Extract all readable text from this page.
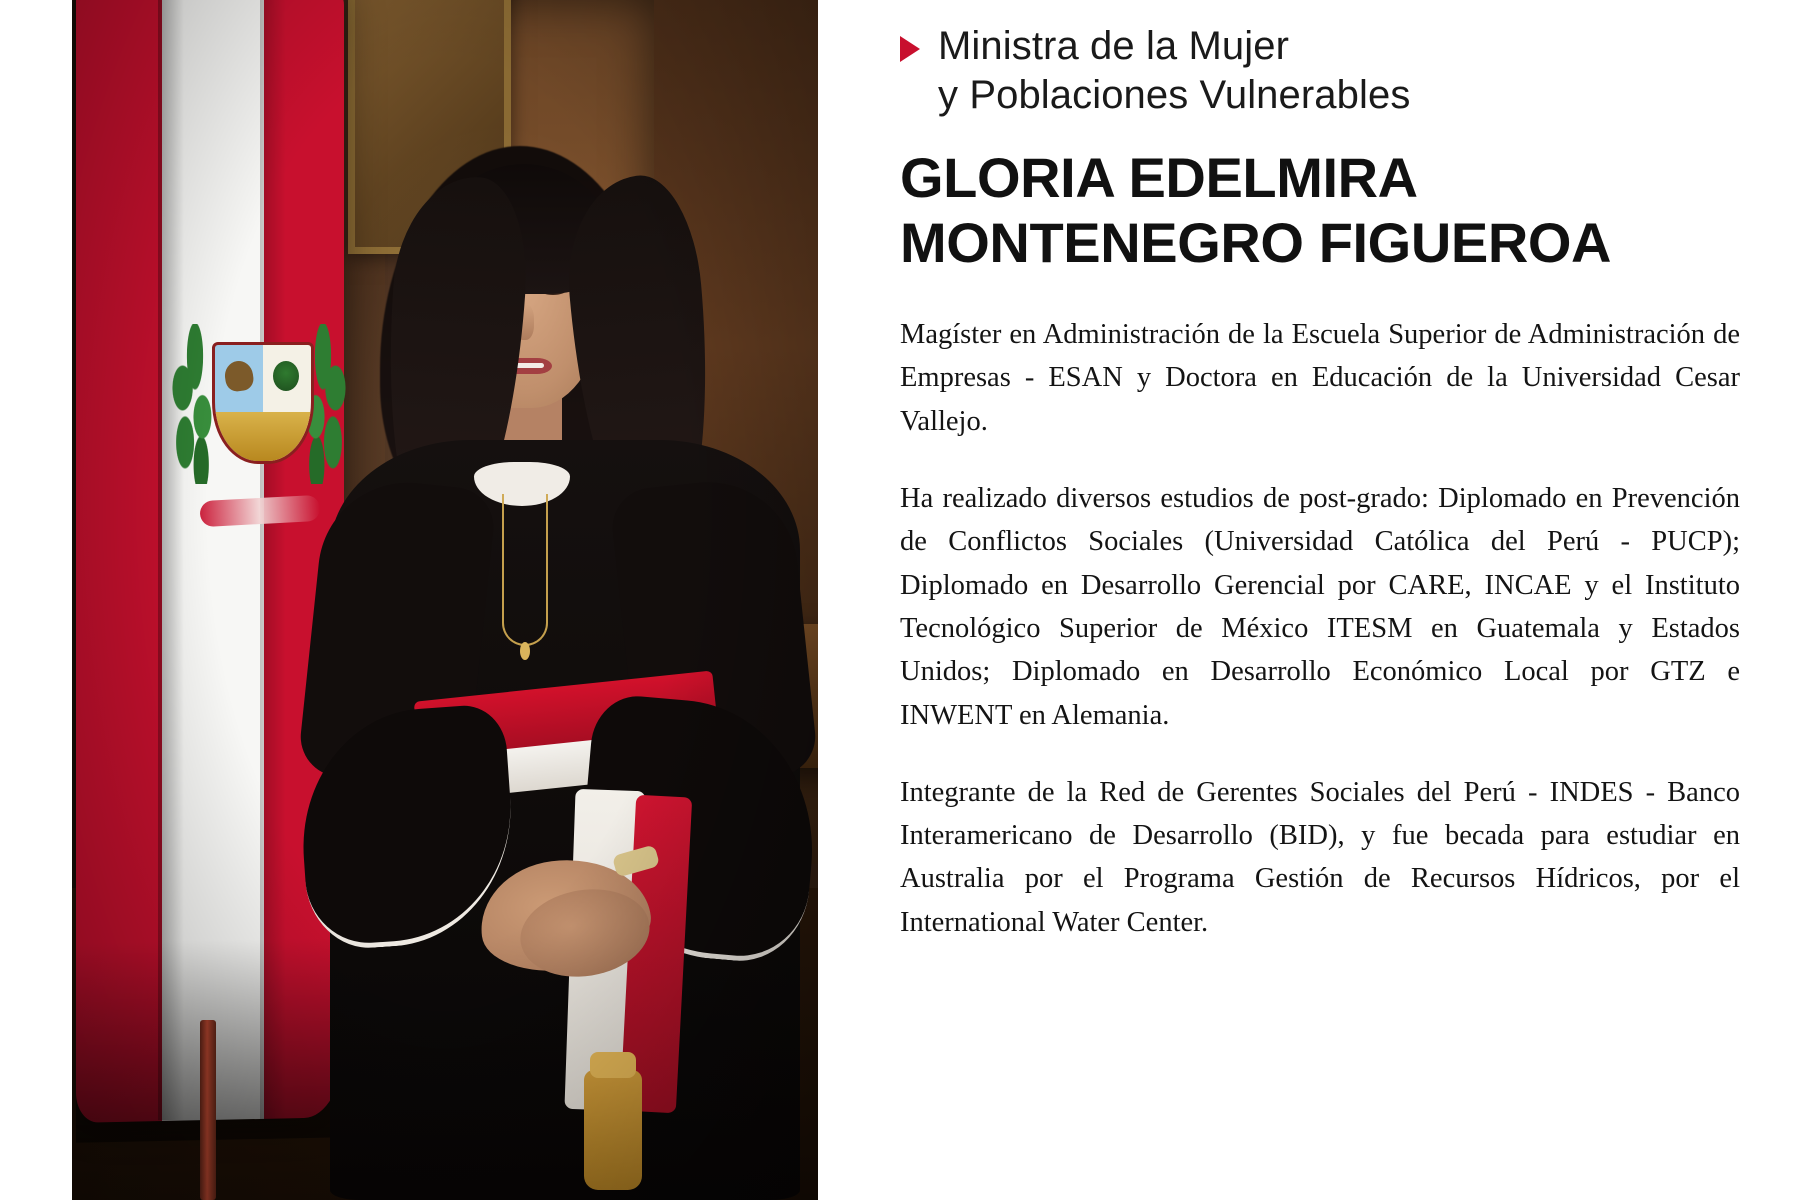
Ministra de la Mujer
y Poblaciones Vulnerables
GLORIA EDELMIRA
MONTENEGRO FIGUEROA

Magíster en Administración de la Escuela Superior de Administración de Empresas - ESAN y Doctora en Educación de la Universidad Cesar Vallejo.

Ha realizado diversos estudios de post-grado: Diplomado en Prevención de Conflictos Sociales (Universidad Católica del Perú - PUCP); Diplomado en Desarrollo Gerencial por CARE, INCAE y el Instituto Tecnológico Superior de México ITESM en Guatemala y Estados Unidos; Diplomado en Desarrollo Económico Local por GTZ e INWENT en Alemania.

Integrante de la Red de Gerentes Sociales del Perú - INDES - Banco Interamericano de Desarrollo (BID), y fue becada para estudiar en Australia por el Programa Gestión de Recursos Hídricos, por el International Water Center.
